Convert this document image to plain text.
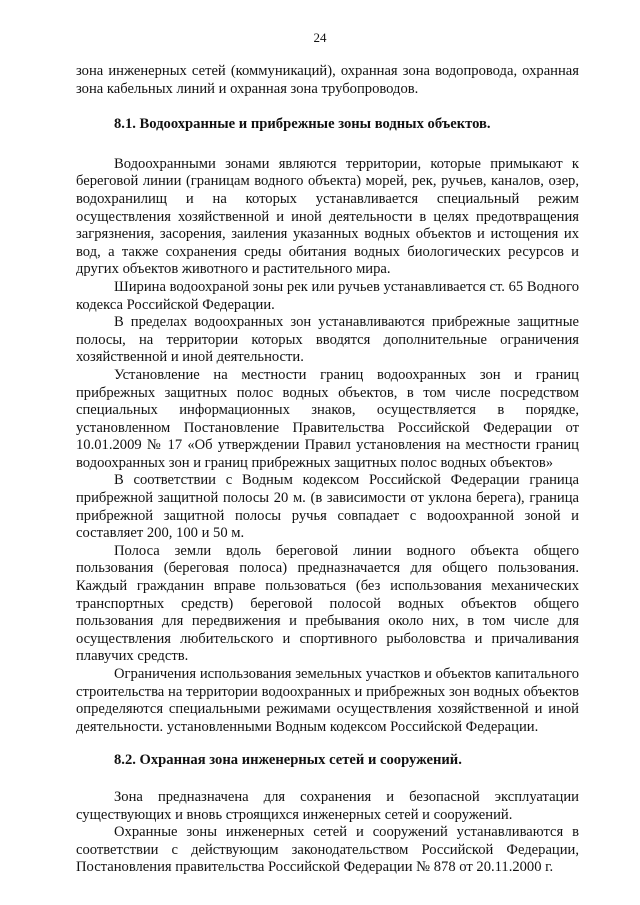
24

зона инженерных сетей (коммуникаций), охранная зона водопровода, охранная зона кабельных линий и охранная зона трубопроводов.

8.1. Водоохранные и прибрежные зоны водных объектов.

Водоохранными зонами являются территории, которые примыкают к береговой линии (границам водного объекта) морей, рек, ручьев, каналов, озер, водохранилищ и на которых устанавливается специальный режим осуществления хозяйственной и иной деятельности в целях предотвращения загрязнения, засорения, заиления указанных водных объектов и истощения их вод, а также сохранения среды обитания водных биологических ресурсов и других объектов животного и растительного мира.

Ширина водоохраной зоны рек или ручьев устанавливается ст. 65 Водного кодекса Российской Федерации.

В пределах водоохранных зон устанавливаются прибрежные защитные полосы, на территории которых вводятся дополнительные ограничения хозяйственной и иной деятельности.

Установление на местности границ водоохранных зон и границ прибрежных защитных полос водных объектов, в том числе посредством специальных информационных знаков, осуществляется в порядке, установленном Постановление Правительства Российской Федерации от 10.01.2009 № 17 «Об утверждении Правил установления на местности границ водоохранных зон и границ прибрежных защитных полос водных объектов»

В соответствии с Водным кодексом Российской Федерации граница прибрежной защитной полосы 20 м. (в зависимости от уклона берега), граница прибрежной защитной полосы ручья совпадает с водоохранной зоной и составляет 200, 100 и 50 м.

Полоса земли вдоль береговой линии водного объекта общего пользования (береговая полоса) предназначается для общего пользования. Каждый гражданин вправе пользоваться (без использования механических транспортных средств) береговой полосой водных объектов общего пользования для передвижения и пребывания около них, в том числе для осуществления любительского и спортивного рыболовства и причаливания плавучих средств.

Ограничения использования земельных участков и объектов капитального строительства на территории водоохранных и прибрежных зон водных объектов определяются специальными режимами осуществления хозяйственной и иной деятельности. установленными Водным кодексом Российской Федерации.

8.2. Охранная зона инженерных сетей и сооружений.

Зона предназначена для сохранения и безопасной эксплуатации существующих и вновь строящихся инженерных сетей и сооружений.

Охранные зоны инженерных сетей и сооружений устанавливаются в соответствии с действующим законодательством Российской Федерации, Постановления правительства Российской Федерации № 878 от 20.11.2000 г.
